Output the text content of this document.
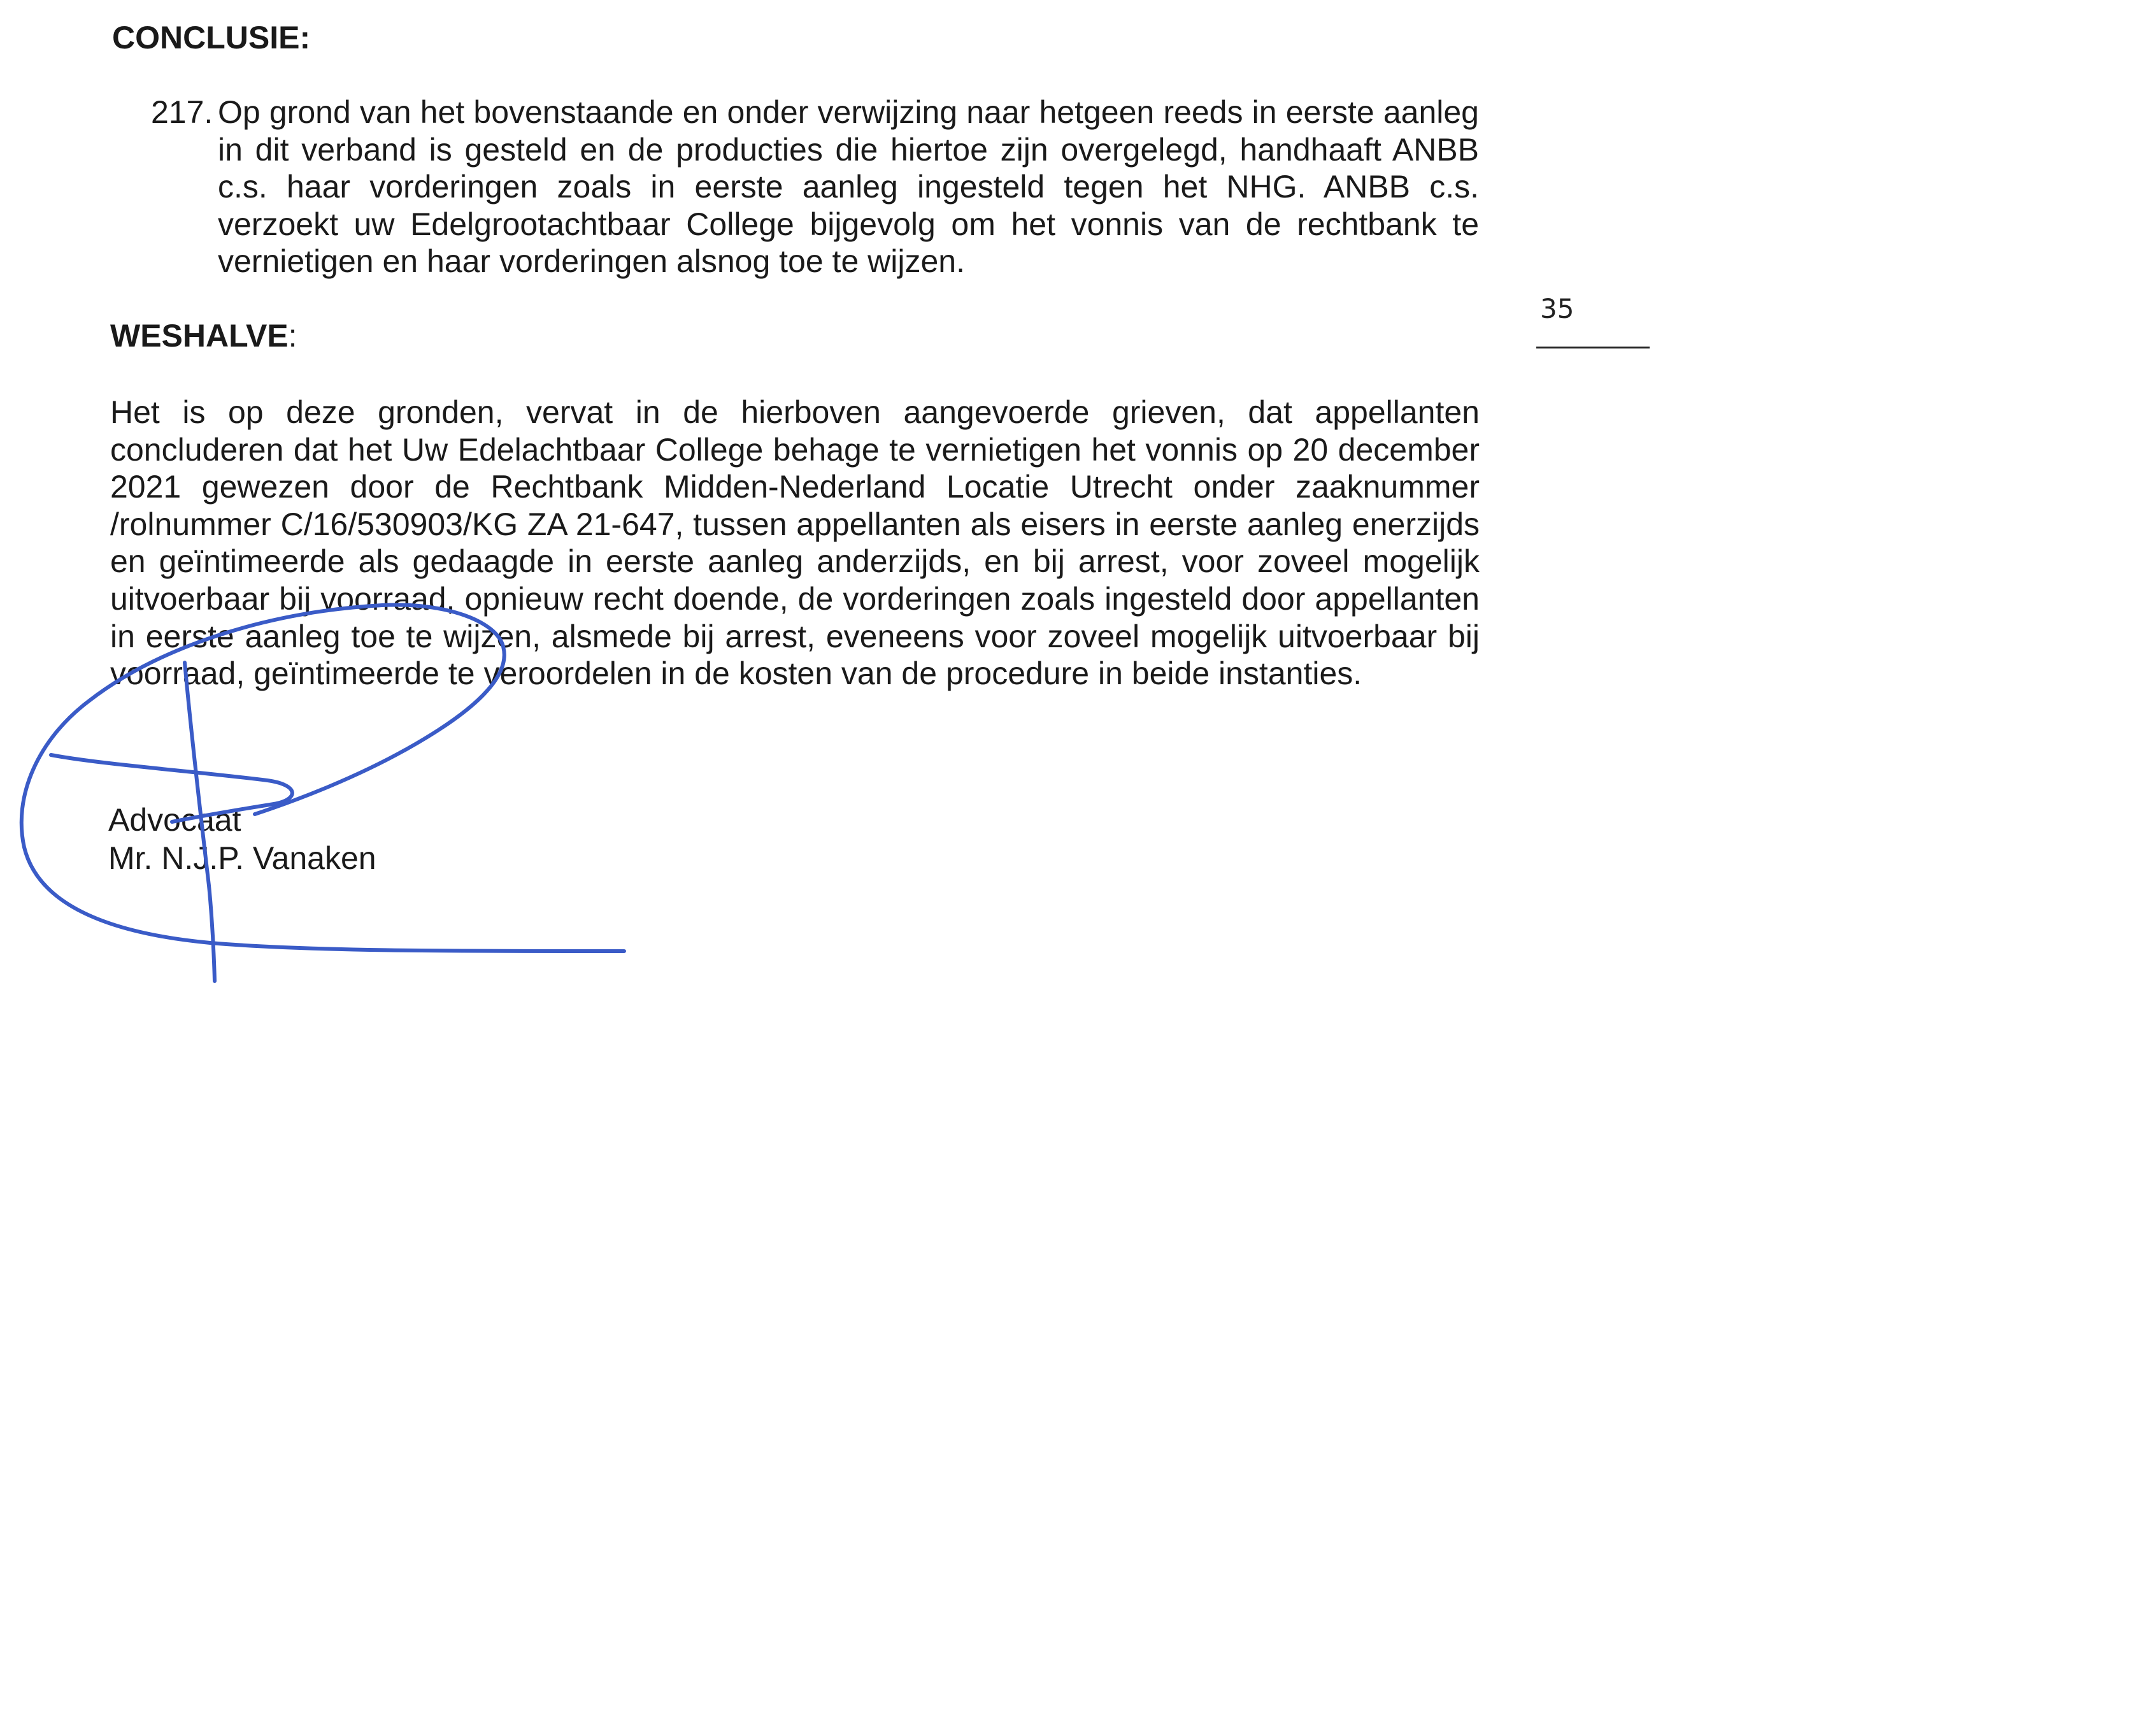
CONCLUSIE:
217. Op grond van het bovenstaande en onder verwijzing naar hetgeen reeds in eerste aanleg in dit verband is gesteld en de producties die hiertoe zijn overgelegd, handhaaft ANBB c.s. haar vorderingen zoals in eerste aanleg ingesteld tegen het NHG. ANBB c.s. verzoekt uw Edelgrootachtbaar College bijgevolg om het vonnis van de rechtbank te vernietigen en haar vorderingen alsnog toe te wijzen.

35
WESHALVE:

Het is op deze gronden, vervat in de hierboven aangevoerde grieven, dat appellanten concluderen dat het Uw Edelachtbaar College behage te vernietigen het vonnis op 20 december 2021 gewezen door de Rechtbank Midden-Nederland Locatie Utrecht onder zaaknummer /rolnummer C/16/530903/KG ZA 21-647, tussen appellanten als eisers in eerste aanleg enerzijds en geïntimeerde als gedaagde in eerste aanleg anderzijds, en bij arrest, voor zoveel mogelijk uitvoerbaar bij voorraad, opnieuw recht doende, de vorderingen zoals ingesteld door appellanten in eerste aanleg toe te wijzen, alsmede bij arrest, eveneens voor zoveel mogelijk uitvoerbaar bij voorraad, geïntimeerde te veroordelen in de kosten van de procedure in beide instanties.

Advocaat
Mr. N.J.P. Vanaken
